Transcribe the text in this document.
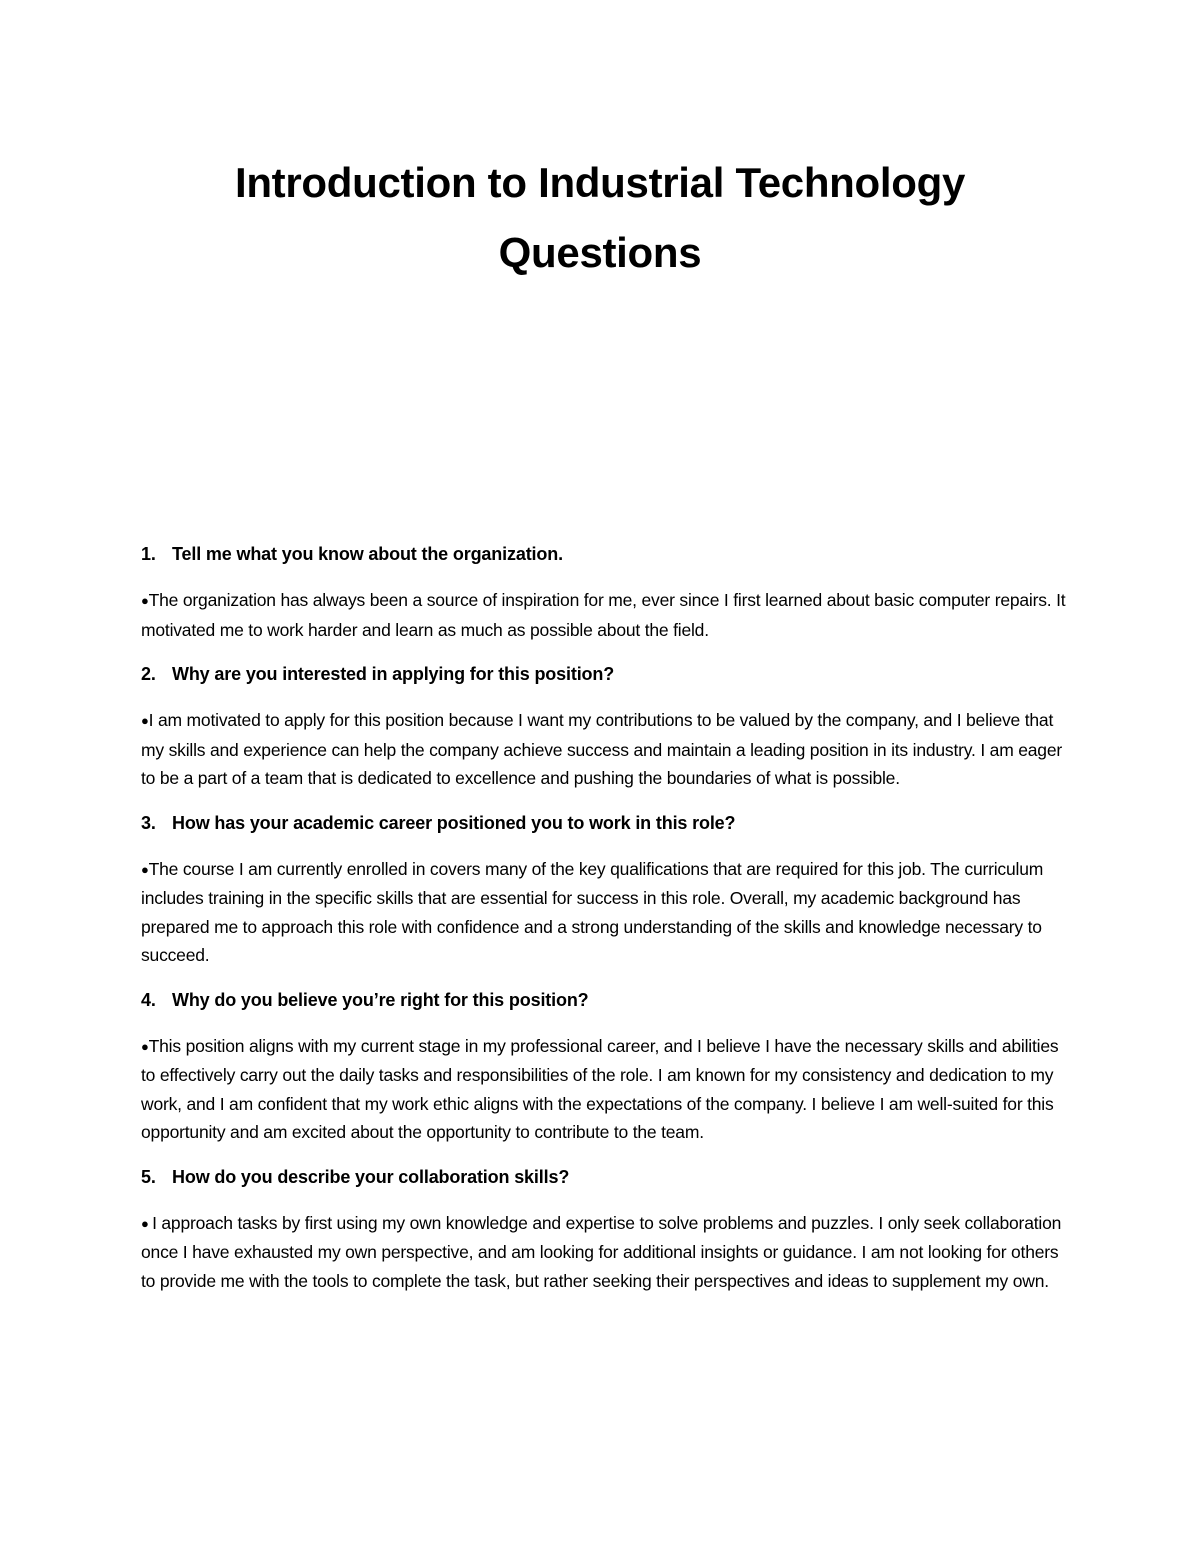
Introduction to Industrial Technology
Questions
1. Tell me what you know about the organization.

●The organization has always been a source of inspiration for me, ever since I first learned about basic computer repairs. It motivated me to work harder and learn as much as possible about the field.

2. Why are you interested in applying for this position?

●I am motivated to apply for this position because I want my contributions to be valued by the company, and I believe that my skills and experience can help the company achieve success and maintain a leading position in its industry. I am eager to be a part of a team that is dedicated to excellence and pushing the boundaries of what is possible.

3. How has your academic career positioned you to work in this role?

●The course I am currently enrolled in covers many of the key qualifications that are required for this job. The curriculum includes training in the specific skills that are essential for success in this role. Overall, my academic background has prepared me to approach this role with confidence and a strong understanding of the skills and knowledge necessary to succeed.

4. Why do you believe you’re right for this position?

●This position aligns with my current stage in my professional career, and I believe I have the necessary skills and abilities to effectively carry out the daily tasks and responsibilities of the role. I am known for my consistency and dedication to my work, and I am confident that my work ethic aligns with the expectations of the company. I believe I am well-suited for this opportunity and am excited about the opportunity to contribute to the team.

5. How do you describe your collaboration skills?

● I approach tasks by first using my own knowledge and expertise to solve problems and puzzles. I only seek collaboration once I have exhausted my own perspective, and am looking for additional insights or guidance. I am not looking for others to provide me with the tools to complete the task, but rather seeking their perspectives and ideas to supplement my own.
